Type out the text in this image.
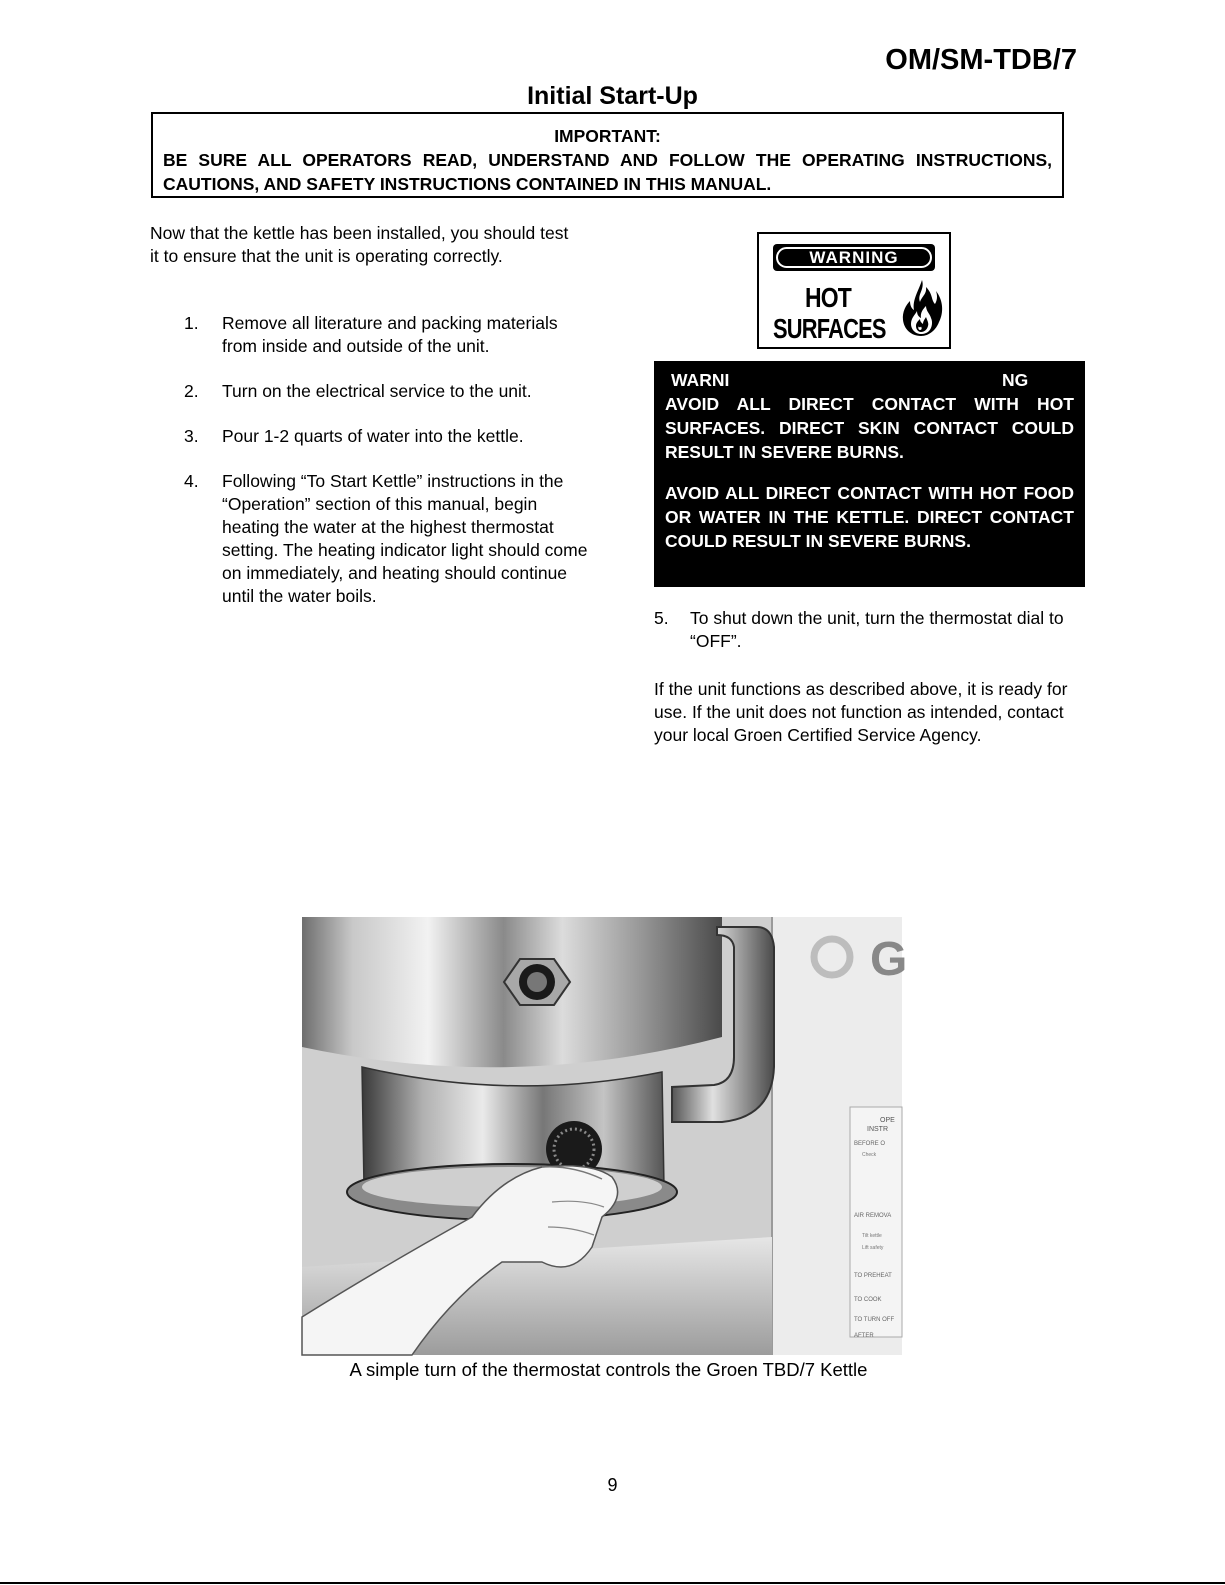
OM/SM-TDB/7
Initial Start-Up
IMPORTANT:
BE SURE ALL OPERATORS READ, UNDERSTAND AND FOLLOW THE OPERATING INSTRUCTIONS, CAUTIONS, AND SAFETY INSTRUCTIONS CONTAINED IN THIS MANUAL.
Now that the kettle has been installed, you should test it to ensure that the unit is operating correctly.
1. Remove all literature and packing materials from inside and outside of the unit.
2. Turn on the electrical service to the unit.
3. Pour 1-2 quarts of water into the kettle.
4. Following “To Start Kettle” instructions in the “Operation” section of this manual, begin heating the water at the highest thermostat setting. The heating indicator light should come on immediately, and heating should continue until the water boils.
WARNING
HOT
SURFACES
WARNI	NG

AVOID ALL DIRECT CONTACT WITH HOT SURFACES. DIRECT SKIN CONTACT COULD RESULT IN SEVERE BURNS.

AVOID ALL DIRECT CONTACT WITH HOT FOOD OR WATER IN THE KETTLE. DIRECT CONTACT COULD RESULT IN SEVERE BURNS.

5. To shut down the unit, turn the thermostat dial to “OFF”.
If the unit functions as described above, it is ready for use. If the unit does not function as intended, contact your local Groen Certified Service Agency.
G
OPE
INSTR
BEFORE O
Check
AIR REMOVA
Tilt kettle
Lift safety
TO PREHEAT
TO COOK
TO TURN OFF
AFTER
A simple turn of the thermostat controls the Groen TBD/7 Kettle
9
